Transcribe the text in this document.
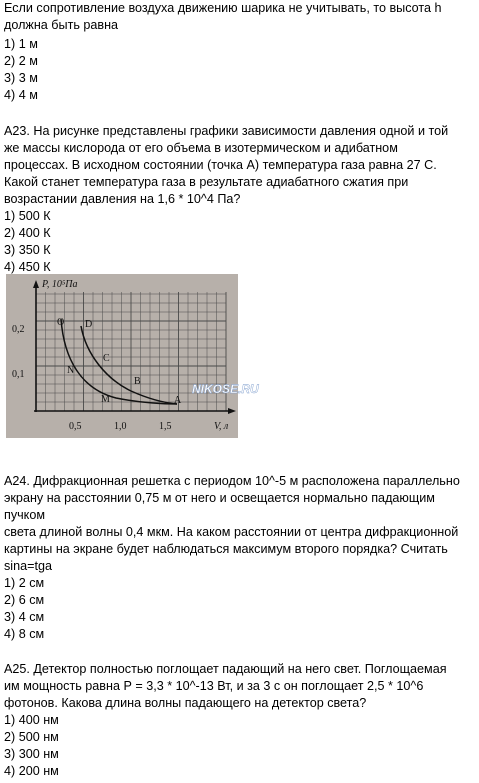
Если сопротивление воздуха движению шарика не учитывать, то высота h
должна быть равна
1) 1 м
2) 2 м
3) 3 м
4) 4 м
А23. На рисунке представлены графики зависимости давления одной и той
же массы кислорода от его объема в изотермическом и адибатном
процессах. В исходном состоянии (точка А) температура газа равна 27 С.
Какой станет температура газа в результате адиабатного сжатия при
возрастании давления на 1,6 * 10^4 Па?
1) 500 К
2) 400 К
3) 350 К
4) 450 К
P, 10⁵Па
V, л
0,2
0,1
0,5	1,0	1,5
O D
C
N
B
M	A
NIKOSE.RU
А24. Дифракционная решетка с периодом 10^-5 м расположена параллельно
экрану на расстоянии 0,75 м от него и освещается нормально падающим
пучком
света длиной волны 0,4 мкм. На каком расстоянии от центра дифракционной
картины на экране будет наблюдаться максимум второго порядка? Считать
sina=tga
1) 2 см
2) 6 см
3) 4 см
4) 8 см
А25. Детектор полностью поглощает падающий на него свет. Поглощаемая
им мощность равна Р = 3,3 * 10^-13 Вт, и за 3 с он поглощает 2,5 * 10^6
фотонов. Какова длина волны падающего на детектор света?
1) 400 нм
2) 500 нм
3) 300 нм
4) 200 нм
